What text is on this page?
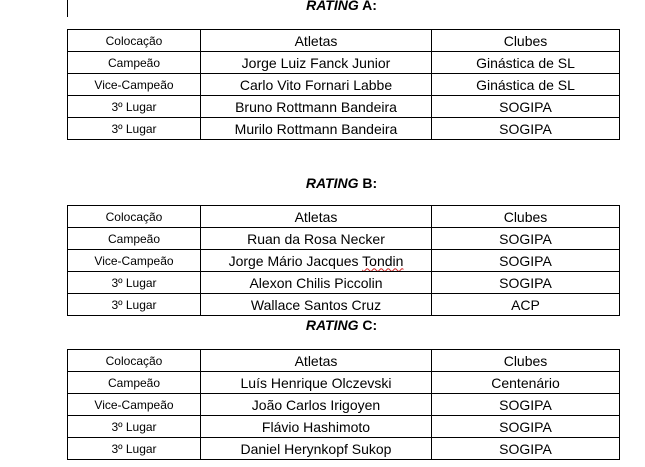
RATING A:
Colocação	Atletas	Clubes
Campeão	Jorge Luiz Fanck Junior	Ginástica de SL
Vice-Campeão	Carlo Vito Fornari Labbe	Ginástica de SL
3º Lugar	Bruno Rottmann Bandeira	SOGIPA
3º Lugar	Murilo Rottmann Bandeira	SOGIPA
RATING B:
Colocação	Atletas	Clubes
Campeão	Ruan da Rosa Necker	SOGIPA
Vice-Campeão	Jorge Mário Jacques Tondin	SOGIPA
3º Lugar	Alexon Chilis Piccolin	SOGIPA
3º Lugar	Wallace Santos Cruz	ACP
RATING C:
Colocação	Atletas	Clubes
Campeão	Luís Henrique Olczevski	Centenário
Vice-Campeão	João Carlos Irigoyen	SOGIPA
3º Lugar	Flávio Hashimoto	SOGIPA
3º Lugar	Daniel Herynkopf Sukop	SOGIPA
